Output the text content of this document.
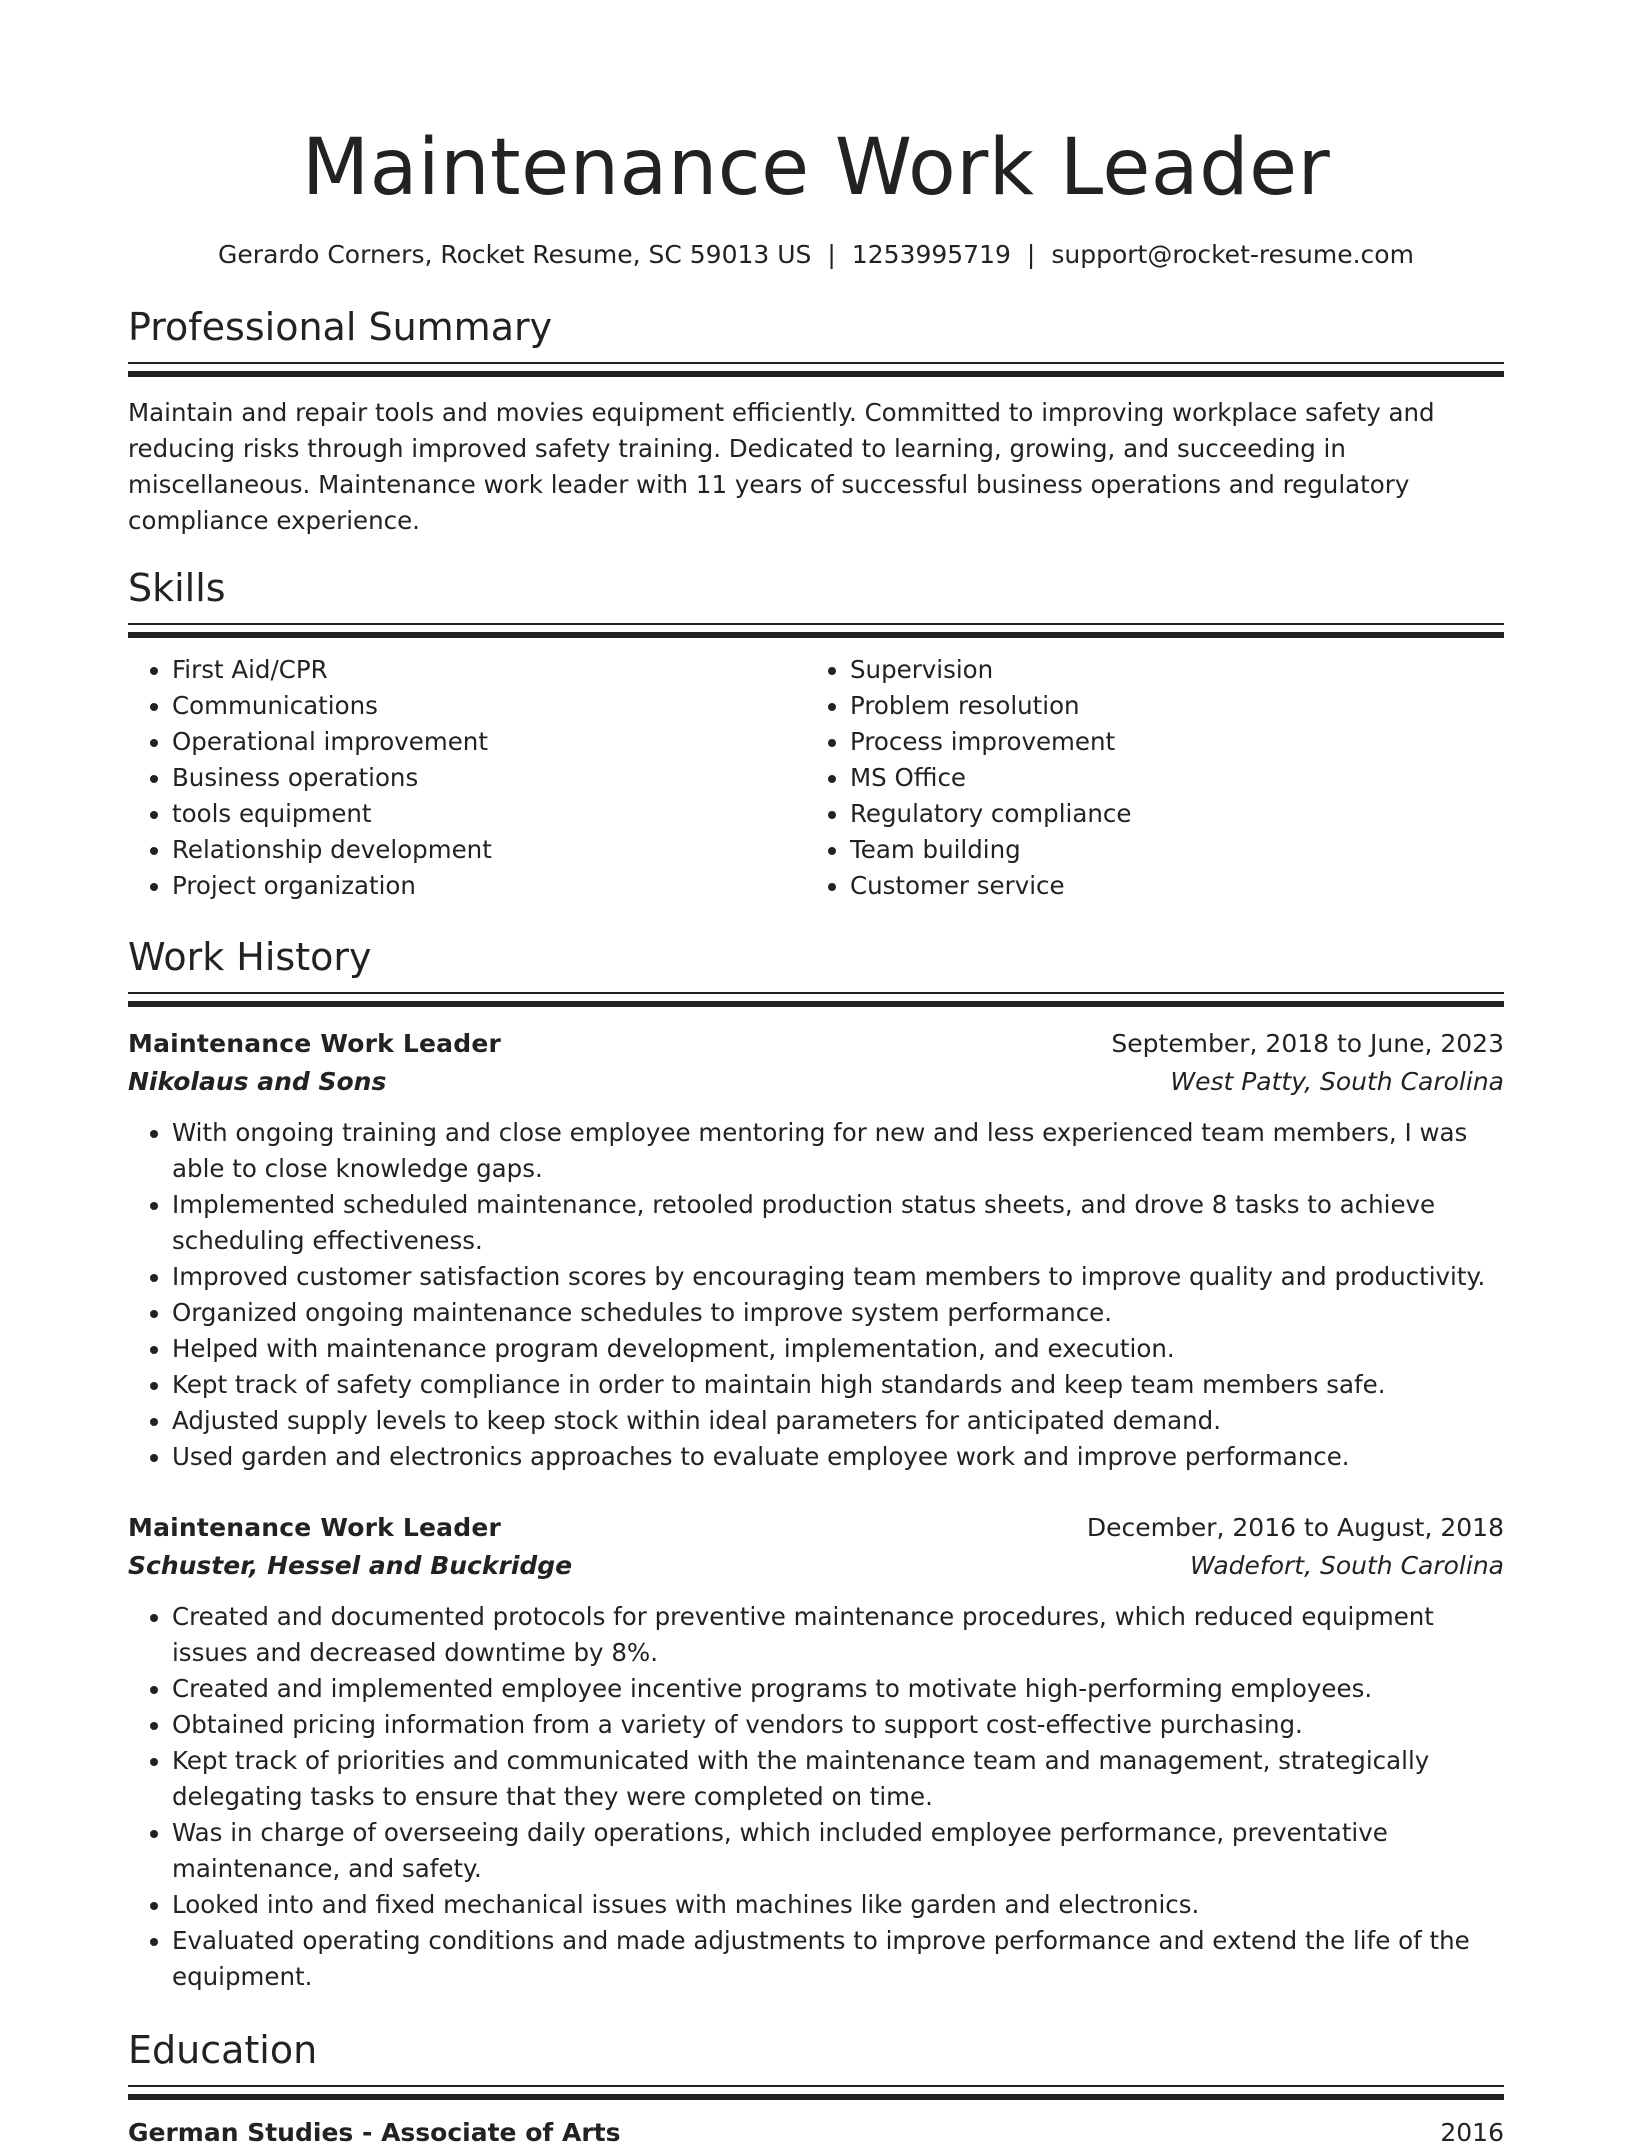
Maintenance Work Leader
Gerardo Corners, Rocket Resume, SC 59013 US | 1253995719 | support@rocket-resume.com
Professional Summary
Maintain and repair tools and movies equipment efficiently. Committed to improving workplace safety and reducing risks through improved safety training. Dedicated to learning, growing, and succeeding in miscellaneous. Maintenance work leader with 11 years of successful business operations and regulatory compliance experience.
Skills
• First Aid/CPR
• Communications
• Operational improvement
• Business operations
• tools equipment
• Relationship development
• Project organization
• Supervision
• Problem resolution
• Process improvement
• MS Office
• Regulatory compliance
• Team building
• Customer service
Work History
Maintenance Work Leader	September, 2018 to June, 2023
Nikolaus and Sons	West Patty, South Carolina
• With ongoing training and close employee mentoring for new and less experienced team members, I was able to close knowledge gaps.
• Implemented scheduled maintenance, retooled production status sheets, and drove 8 tasks to achieve scheduling effectiveness.
• Improved customer satisfaction scores by encouraging team members to improve quality and productivity.
• Organized ongoing maintenance schedules to improve system performance.
• Helped with maintenance program development, implementation, and execution.
• Kept track of safety compliance in order to maintain high standards and keep team members safe.
• Adjusted supply levels to keep stock within ideal parameters for anticipated demand.
• Used garden and electronics approaches to evaluate employee work and improve performance.
Maintenance Work Leader	December, 2016 to August, 2018
Schuster, Hessel and Buckridge	Wadefort, South Carolina
• Created and documented protocols for preventive maintenance procedures, which reduced equipment issues and decreased downtime by 8%.
• Created and implemented employee incentive programs to motivate high-performing employees.
• Obtained pricing information from a variety of vendors to support cost-effective purchasing.
• Kept track of priorities and communicated with the maintenance team and management, strategically delegating tasks to ensure that they were completed on time.
• Was in charge of overseeing daily operations, which included employee performance, preventative maintenance, and safety.
• Looked into and fixed mechanical issues with machines like garden and electronics.
• Evaluated operating conditions and made adjustments to improve performance and extend the life of the equipment.
Education
German Studies - Associate of Arts	2016
